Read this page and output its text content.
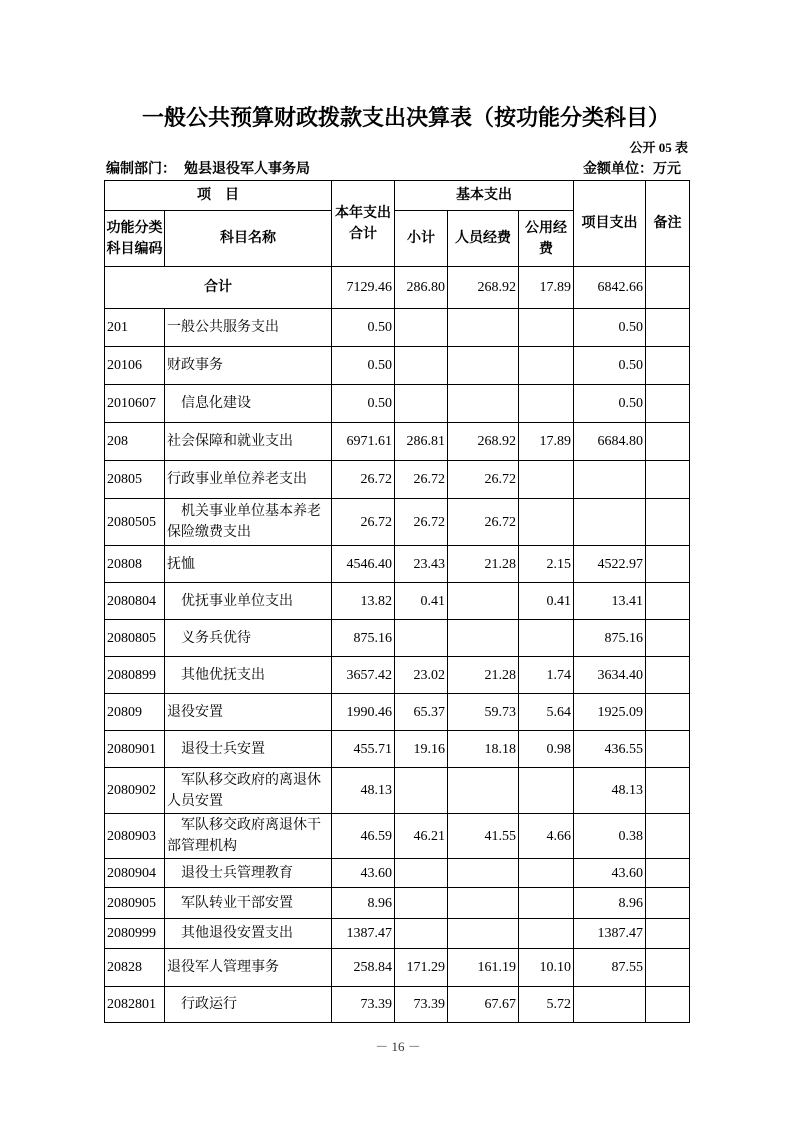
一般公共预算财政拨款支出决算表（按功能分类科目）
公开 05 表
编制部门： 勉县退役军人事务局	金额单位：万元
项　目		本年支出合计	基本支出			项目支出	备注
功能分类科目编码	科目名称		小计	人员经费	公用经费		
合计		7129.46	286.80	268.92	17.89	6842.66	
201	一般公共服务支出	0.50				0.50	
20106	财政事务	0.50				0.50	
2010607	信息化建设	0.50				0.50	
208	社会保障和就业支出	6971.61	286.81	268.92	17.89	6684.80	
20805	行政事业单位养老支出	26.72	26.72	26.72			
2080505	机关事业单位基本养老保险缴费支出	26.72	26.72	26.72			
20808	抚恤	4546.40	23.43	21.28	2.15	4522.97	
2080804	优抚事业单位支出	13.82	0.41		0.41	13.41	
2080805	义务兵优待	875.16				875.16	
2080899	其他优抚支出	3657.42	23.02	21.28	1.74	3634.40	
20809	退役安置	1990.46	65.37	59.73	5.64	1925.09	
2080901	退役士兵安置	455.71	19.16	18.18	0.98	436.55	
2080902	军队移交政府的离退休人员安置	48.13				48.13	
2080903	军队移交政府离退休干部管理机构	46.59	46.21	41.55	4.66	0.38	
2080904	退役士兵管理教育	43.60				43.60	
2080905	军队转业干部安置	8.96				8.96	
2080999	其他退役安置支出	1387.47				1387.47	
20828	退役军人管理事务	258.84	171.29	161.19	10.10	87.55	
2082801	行政运行	73.39	73.39	67.67	5.72		
－ 16 －
